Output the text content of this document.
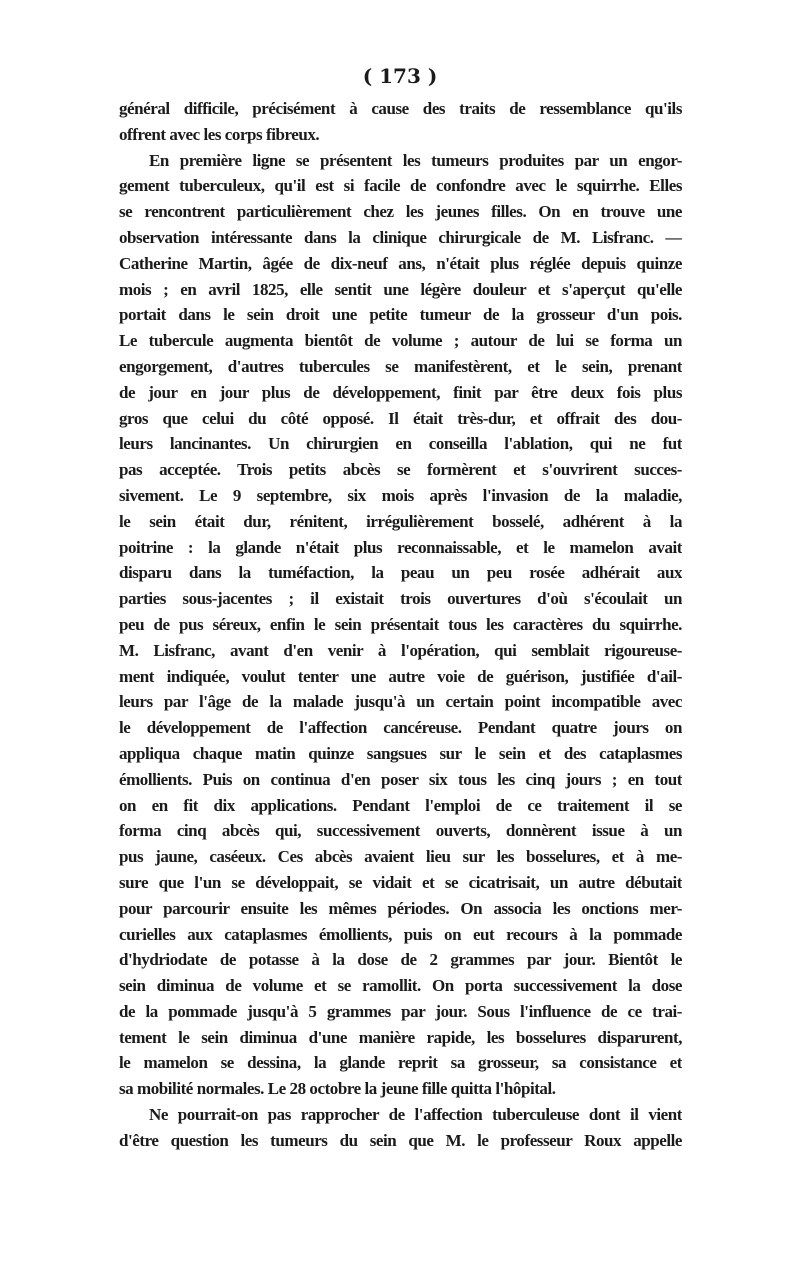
( 173 )
général difficile, précisément à cause des traits de ressemblance qu'ils
offrent avec les corps fibreux.
En première ligne se présentent les tumeurs produites par un engor-
gement tuberculeux, qu'il est si facile de confondre avec le squirrhe. Elles
se rencontrent particulièrement chez les jeunes filles. On en trouve une
observation intéressante dans la clinique chirurgicale de M. Lisfranc. —
Catherine Martin, âgée de dix-neuf ans, n'était plus réglée depuis quinze
mois ; en avril 1825, elle sentit une légère douleur et s'aperçut qu'elle
portait dans le sein droit une petite tumeur de la grosseur d'un pois.
Le tubercule augmenta bientôt de volume ; autour de lui se forma un
engorgement, d'autres tubercules se manifestèrent, et le sein, prenant
de jour en jour plus de développement, finit par être deux fois plus
gros que celui du côté opposé. Il était très-dur, et offrait des dou-
leurs lancinantes. Un chirurgien en conseilla l'ablation, qui ne fut
pas acceptée. Trois petits abcès se formèrent et s'ouvrirent succes-
sivement. Le 9 septembre, six mois après l'invasion de la maladie,
le sein était dur, rénitent, irrégulièrement bosselé, adhérent à la
poitrine : la glande n'était plus reconnaissable, et le mamelon avait
disparu dans la tuméfaction, la peau un peu rosée adhérait aux
parties sous-jacentes ; il existait trois ouvertures d'où s'écoulait un
peu de pus séreux, enfin le sein présentait tous les caractères du squirrhe.
M. Lisfranc, avant d'en venir à l'opération, qui semblait rigoureuse-
ment indiquée, voulut tenter une autre voie de guérison, justifiée d'ail-
leurs par l'âge de la malade jusqu'à un certain point incompatible avec
le développement de l'affection cancéreuse. Pendant quatre jours on
appliqua chaque matin quinze sangsues sur le sein et des cataplasmes
émollients. Puis on continua d'en poser six tous les cinq jours ; en tout
on en fit dix applications. Pendant l'emploi de ce traitement il se
forma cinq abcès qui, successivement ouverts, donnèrent issue à un
pus jaune, caséeux. Ces abcès avaient lieu sur les bosselures, et à me-
sure que l'un se développait, se vidait et se cicatrisait, un autre débutait
pour parcourir ensuite les mêmes périodes. On associa les onctions mer-
curielles aux cataplasmes émollients, puis on eut recours à la pommade
d'hydriodate de potasse à la dose de 2 grammes par jour. Bientôt le
sein diminua de volume et se ramollit. On porta successivement la dose
de la pommade jusqu'à 5 grammes par jour. Sous l'influence de ce trai-
tement le sein diminua d'une manière rapide, les bosselures disparurent,
le mamelon se dessina, la glande reprit sa grosseur, sa consistance et
sa mobilité normales. Le 28 octobre la jeune fille quitta l'hôpital.
Ne pourrait-on pas rapprocher de l'affection tuberculeuse dont il vient
d'être question les tumeurs du sein que M. le professeur Roux appelle
